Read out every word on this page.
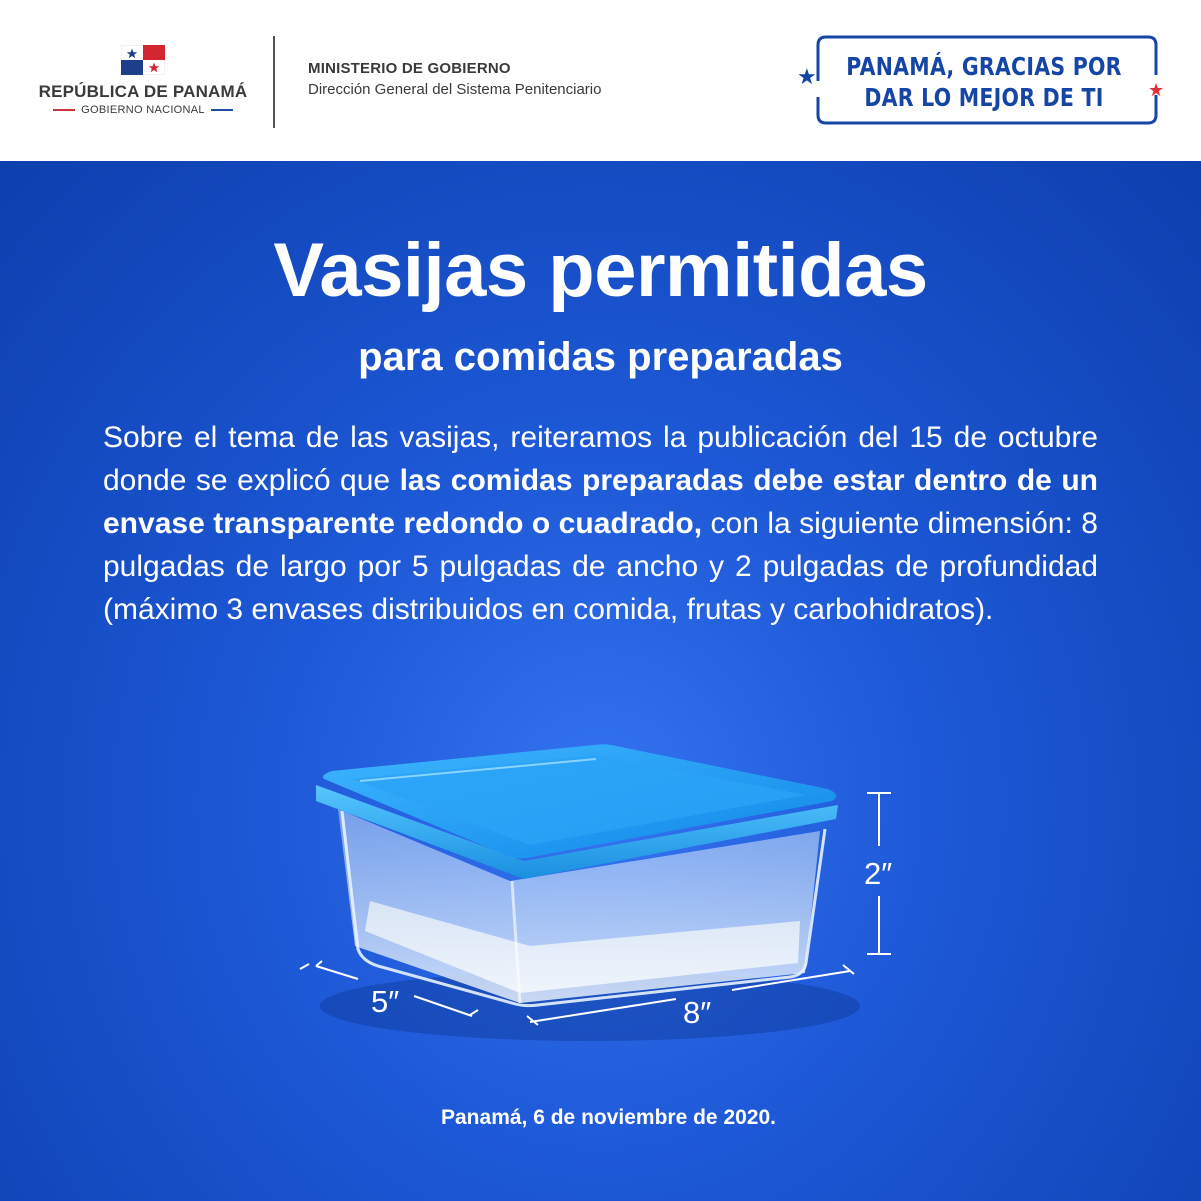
REPÚBLICA DE PANAMÁ
GOBIERNO NACIONAL
MINISTERIO DE GOBIERNO
Dirección General del Sistema Penitenciario
PANAMÁ, GRACIAS POR
DAR LO MEJOR DE TI
★
★
Vasijas permitidas
para comidas preparadas
Sobre el tema de las vasijas, reiteramos la publicación del 15 de octubre donde se explicó que las comidas preparadas debe estar dentro de un envase transparente redondo o cuadrado, con la siguiente dimensión: 8 pulgadas de largo por 5 pulgadas de ancho y 2 pulgadas de profundidad (máximo 3 envases distribuidos en comida, frutas y carbohidratos).
2″
5″	8″
Panamá, 6 de noviembre de 2020.
